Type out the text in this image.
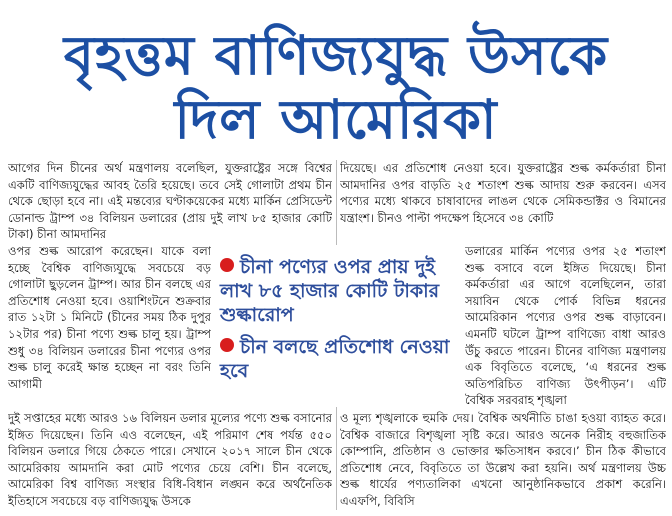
বৃহত্তম বাণিজ্যযুদ্ধ উসকে
দিল আমেরিকা

আগের দিন চীনের অর্থ মন্ত্রণালয় বলেছিল, যুক্তরাষ্ট্রের সঙ্গে বিশ্বের একটি বাণিজ্যযুদ্ধের আবহ তৈরি হয়েছে। তবে সেই গোলাটা প্রথম চীন থেকে ছোড়া হবে না। এই মন্তব্যের ঘণ্টাকয়েকের মধ্যে মার্কিন প্রেসিডেন্ট ডোনাল্ড ট্রাম্প ৩৪ বিলিয়ন ডলারের (প্রায় দুই লাখ ৮৫ হাজার কোটি টাকা) চীনা আমদানির

ওপর শুল্ক আরোপ করেছেন। যাকে বলা হচ্ছে বৈশ্বিক বাণিজ্যযুদ্ধে সবচেয়ে বড় গোলাটা ছুড়লেন ট্রাম্প। আর চীন বলছে এর প্রতিশোধ নেওয়া হবে। ওয়াশিংটনে শুক্রবার রাত ১২টা ১ মিনিটে (চীনের সময় ঠিক দুপুর ১২টার পর) চীনা পণ্যে শুল্ক চালু হয়। ট্রাম্প শুধু ৩৪ বিলিয়ন ডলারের চীনা পণ্যের ওপর শুল্ক চালু করেই ক্ষান্ত হচ্ছেন না বরং তিনি আগামী

দুই সপ্তাহের মধ্যে আরও ১৬ বিলিয়ন ডলার মূল্যের পণ্যে শুল্ক বসানোর ইঙ্গিত দিয়েছেন। তিনি এও বলেছেন, এই পরিমাণ শেষ পর্যন্ত ৫৫০ বিলিয়ন ডলারে গিয়ে ঠেকতে পারে। সেখানে ২০১৭ সালে চীন থেকে আমেরিকায় আমদানি করা মোট পণ্যের চেয়ে বেশি। চীন বলেছে, আমেরিকা বিশ্ব বাণিজ্য সংস্থার বিধি-বিধান লঙ্ঘন করে অর্থনৈতিক ইতিহাসে সবচেয়ে বড় বাণিজ্যযুদ্ধ উসকে

দিয়েছে। এর প্রতিশোধ নেওয়া হবে। যুক্তরাষ্ট্রের শুল্ক কর্মকর্তারা চীনা আমদানির ওপর বাড়তি ২৫ শতাংশ শুল্ক আদায় শুরু করবেন। এসব পণ্যের মধ্যে থাকবে চাষাবাদের লাঙল থেকে সেমিকন্ডাক্টর ও বিমানের যন্ত্রাংশ। চীনও পাল্টা পদক্ষেপ হিসেবে ৩৪ কোটি

ডলারের মার্কিন পণ্যের ওপর ২৫ শতাংশ শুল্ক বসাবে বলে ইঙ্গিত দিয়েছে। চীনা কর্মকর্তারা এর আগে বলেছিলেন, তারা সয়াবিন থেকে পোর্ক বিভিন্ন ধরনের আমেরিকান পণ্যের ওপর শুল্ক বাড়াবেন। এমনটি ঘটলে ট্রাম্প বাণিজ্যে বাধা আরও উঁচু করতে পারেন। চীনের বাণিজ্য মন্ত্রণালয় এক বিবৃতিতে বলেছে, ‘এ ধরনের শুল্ক অতিপরিচিত বাণিজ্য উৎপীড়ন’। এটি বৈশ্বিক সরবরাহ শৃঙ্খলা

ও মূল্য শৃঙ্খলাকে হুমকি দেয়। বৈশ্বিক অর্থনীতি চাঙা হওয়া ব্যাহত করে। বৈশ্বিক বাজারে বিশৃঙ্খলা সৃষ্টি করে। আরও অনেক নিরীহ বহুজাতিক কোম্পানি, প্রতিষ্ঠান ও ভোক্তার ক্ষতিসাধন করবে।’ চীন ঠিক কীভাবে প্রতিশোধ নেবে, বিবৃতিতে তা উল্লেখ করা হয়নি। অর্থ মন্ত্রণালয় উচ্চ শুল্ক ধার্যের পণ্যতালিকা এখনো আনুষ্ঠানিকভাবে প্রকাশ করেনি। এএফপি, বিবিসি

চীনা পণ্যের ওপর প্রায় দুই লাখ ৮৫ হাজার কোটি টাকার শুল্কারোপ
চীন বলছে প্রতিশোধ নেওয়া হবে
